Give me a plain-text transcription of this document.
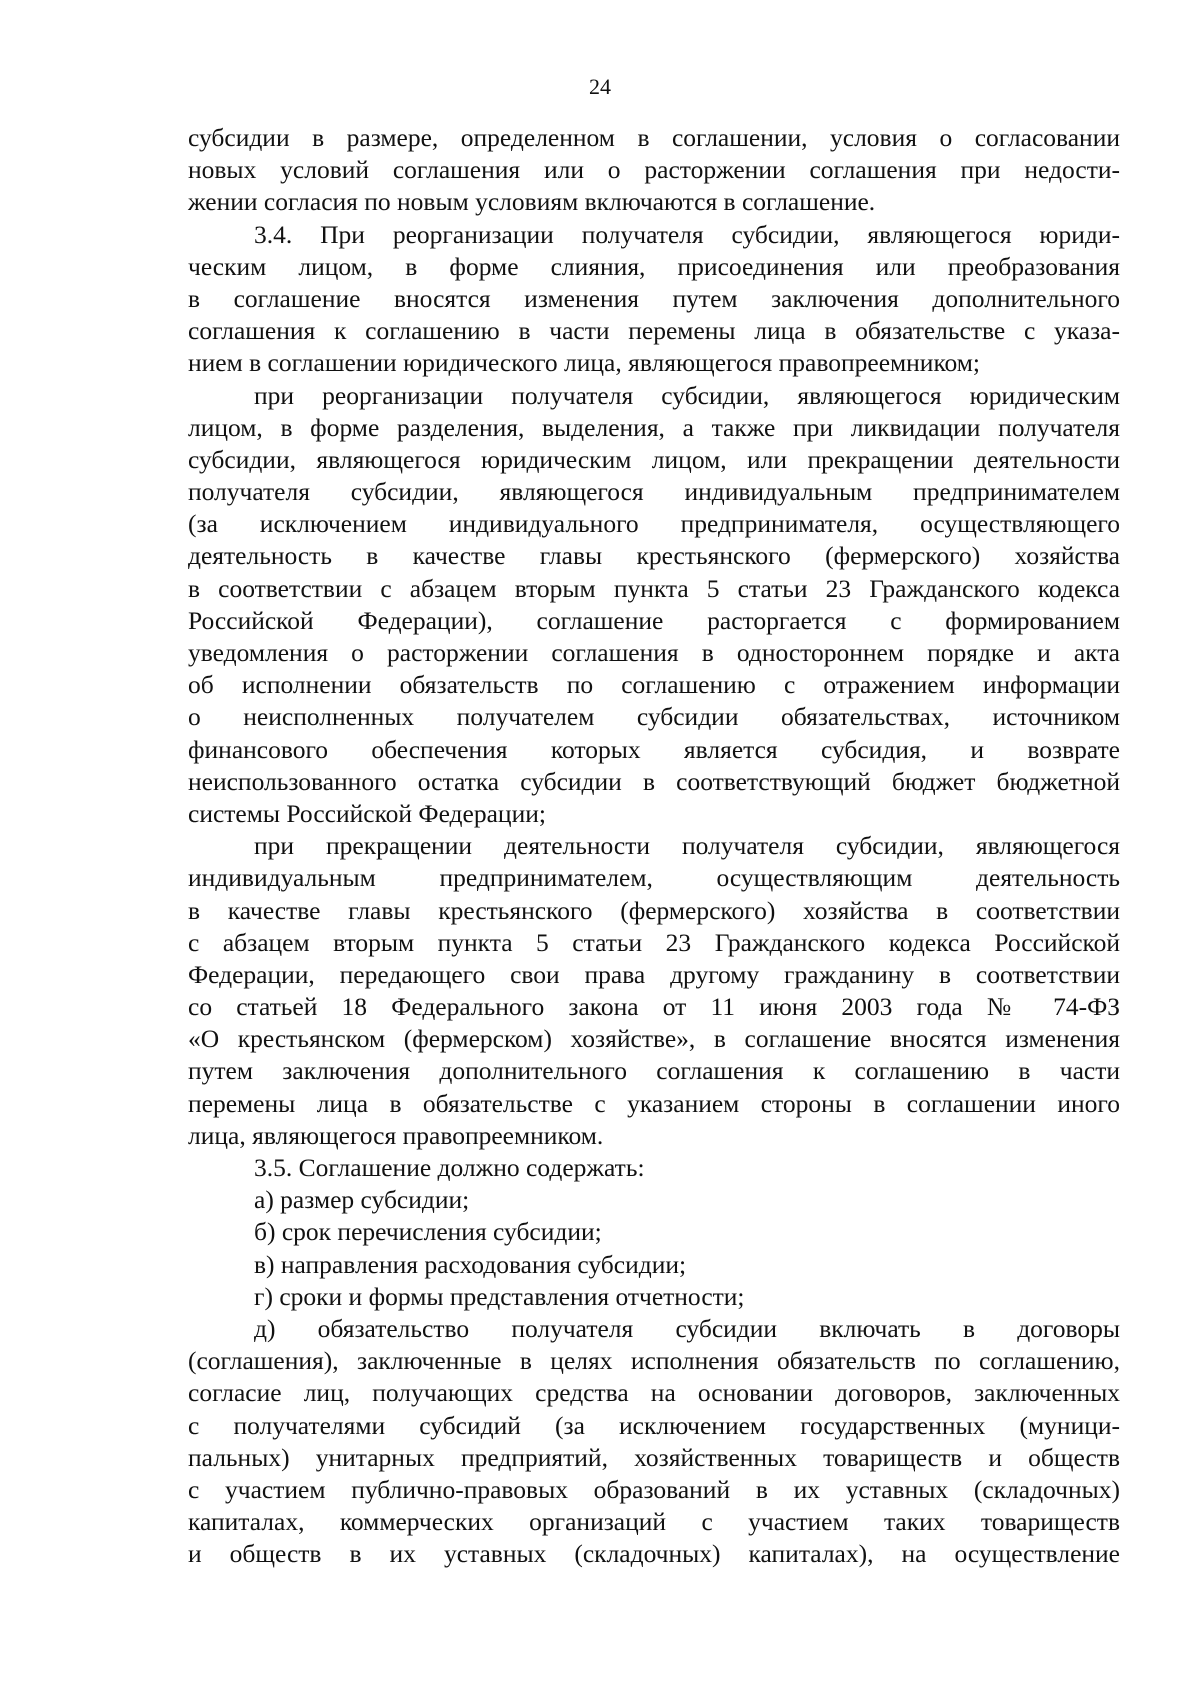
24
субсидии в размере, определенном в соглашении, условия о согласовании
новых условий соглашения или о расторжении соглашения при недости-
жении согласия по новым условиям включаются в соглашение.
3.4. При реорганизации получателя субсидии, являющегося юриди-
ческим лицом, в форме слияния, присоединения или преобразования
в соглашение вносятся изменения путем заключения дополнительного
соглашения к соглашению в части перемены лица в обязательстве с указа-
нием в соглашении юридического лица, являющегося правопреемником;
при реорганизации получателя субсидии, являющегося юридическим
лицом, в форме разделения, выделения, а также при ликвидации получателя
субсидии, являющегося юридическим лицом, или прекращении деятельности
получателя субсидии, являющегося индивидуальным предпринимателем
(за исключением индивидуального предпринимателя, осуществляющего
деятельность в качестве главы крестьянского (фермерского) хозяйства
в соответствии с абзацем вторым пункта 5 статьи 23 Гражданского кодекса
Российской Федерации), соглашение расторгается с формированием
уведомления о расторжении соглашения в одностороннем порядке и акта
об исполнении обязательств по соглашению с отражением информации
о неисполненных получателем субсидии обязательствах, источником
финансового обеспечения которых является субсидия, и возврате
неиспользованного остатка субсидии в соответствующий бюджет бюджетной
системы Российской Федерации;
при прекращении деятельности получателя субсидии, являющегося
индивидуальным предпринимателем, осуществляющим деятельность
в качестве главы крестьянского (фермерского) хозяйства в соответствии
с абзацем вторым пункта 5 статьи 23 Гражданского кодекса Российской
Федерации, передающего свои права другому гражданину в соответствии
со статьей 18 Федерального закона от 11 июня 2003 года № 74-ФЗ
«О крестьянском (фермерском) хозяйстве», в соглашение вносятся изменения
путем заключения дополнительного соглашения к соглашению в части
перемены лица в обязательстве с указанием стороны в соглашении иного
лица, являющегося правопреемником.
3.5. Соглашение должно содержать:
а) размер субсидии;
б) срок перечисления субсидии;
в) направления расходования субсидии;
г) сроки и формы представления отчетности;
д) обязательство получателя субсидии включать в договоры
(соглашения), заключенные в целях исполнения обязательств по соглашению,
согласие лиц, получающих средства на основании договоров, заключенных
с получателями субсидий (за исключением государственных (муници-
пальных) унитарных предприятий, хозяйственных товариществ и обществ
с участием публично-правовых образований в их уставных (складочных)
капиталах, коммерческих организаций с участием таких товариществ
и обществ в их уставных (складочных) капиталах), на осуществление
